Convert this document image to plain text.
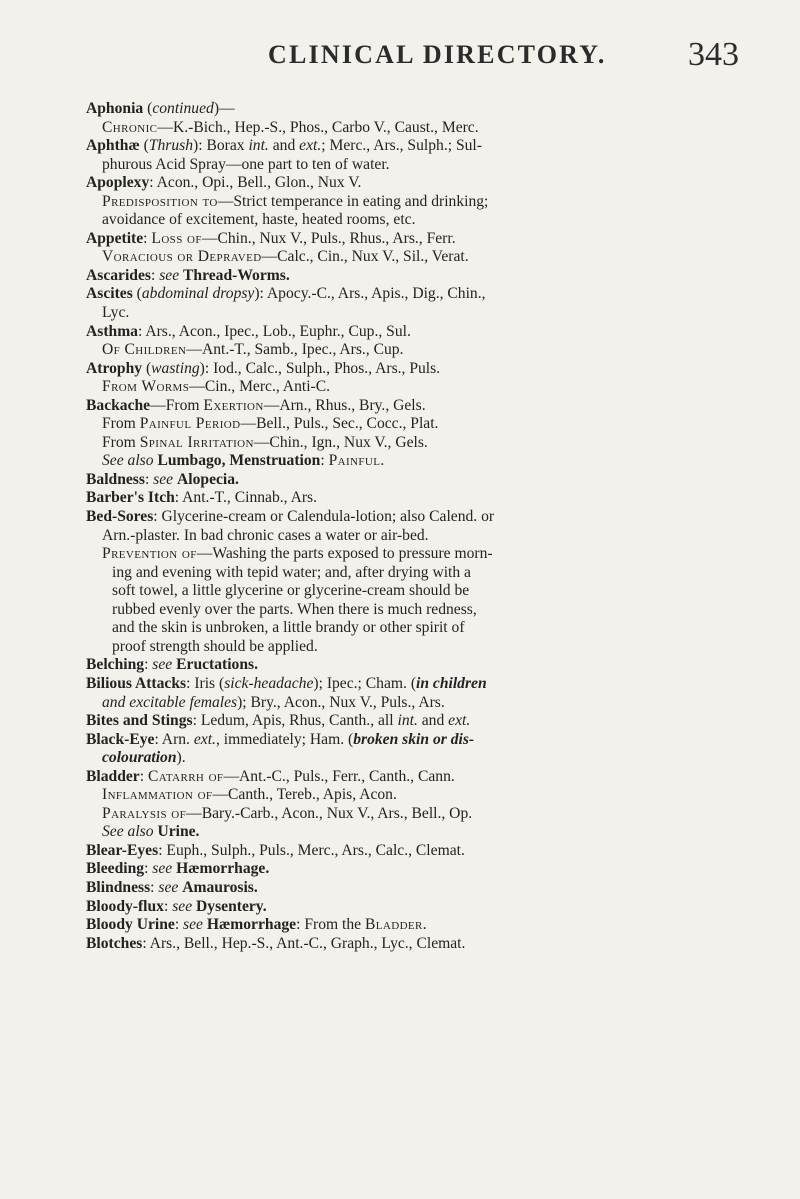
CLINICAL DIRECTORY. 343
Aphonia (continued)—
Chronic—K.-Bich., Hep.-S., Phos., Carbo V., Caust., Merc.
Aphthæ (Thrush): Borax int. and ext.; Merc., Ars., Sulph.; Sul-
phurous Acid Spray—one part to ten of water.
Apoplexy: Acon., Opi., Bell., Glon., Nux V.
Predisposition to—Strict temperance in eating and drinking;
avoidance of excitement, haste, heated rooms, etc.
Appetite: Loss of—Chin., Nux V., Puls., Rhus., Ars., Ferr.
Voracious or Depraved—Calc., Cin., Nux V., Sil., Verat.
Ascarides: see Thread-Worms.
Ascites (abdominal dropsy): Apocy.-C., Ars., Apis., Dig., Chin.,
Lyc.
Asthma: Ars., Acon., Ipec., Lob., Euphr., Cup., Sul.
Of Children—Ant.-T., Samb., Ipec., Ars., Cup.
Atrophy (wasting): Iod., Calc., Sulph., Phos., Ars., Puls.
From Worms—Cin., Merc., Anti-C.
Backache—From Exertion—Arn., Rhus., Bry., Gels.
From Painful Period—Bell., Puls., Sec., Cocc., Plat.
From Spinal Irritation—Chin., Ign., Nux V., Gels.
See also Lumbago, Menstruation: Painful.
Baldness: see Alopecia.
Barber's Itch: Ant.-T., Cinnab., Ars.
Bed-Sores: Glycerine-cream or Calendula-lotion; also Calend. or
Arn.-plaster. In bad chronic cases a water or air-bed.
Prevention of—Washing the parts exposed to pressure morn-
ing and evening with tepid water; and, after drying with a
soft towel, a little glycerine or glycerine-cream should be
rubbed evenly over the parts. When there is much redness,
and the skin is unbroken, a little brandy or other spirit of
proof strength should be applied.
Belching: see Eructations.
Bilious Attacks: Iris (sick-headache); Ipec.; Cham. (in children
and excitable females); Bry., Acon., Nux V., Puls., Ars.
Bites and Stings: Ledum, Apis, Rhus, Canth., all int. and ext.
Black-Eye: Arn. ext., immediately; Ham. (broken skin or dis-
colouration).
Bladder: Catarrh of—Ant.-C., Puls., Ferr., Canth., Cann.
Inflammation of—Canth., Tereb., Apis, Acon.
Paralysis of—Bary.-Carb., Acon., Nux V., Ars., Bell., Op.
See also Urine.
Blear-Eyes: Euph., Sulph., Puls., Merc., Ars., Calc., Clemat.
Bleeding: see Hæmorrhage.
Blindness: see Amaurosis.
Bloody-flux: see Dysentery.
Bloody Urine: see Hæmorrhage: From the Bladder.
Blotches: Ars., Bell., Hep.-S., Ant.-C., Graph., Lyc., Clemat.
